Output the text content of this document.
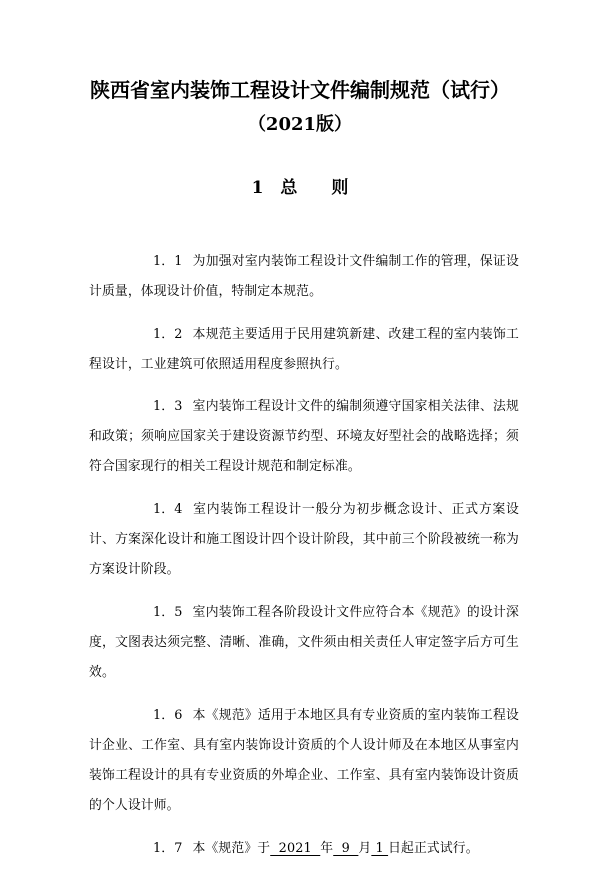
陕西省室内装饰工程设计文件编制规范（试行）
（2021版）
1　总　　则

1．1 为加强对室内装饰工程设计文件编制工作的管理，保证设计质量，体现设计价值，特制定本规范。

1．2 本规范主要适用于民用建筑新建、改建工程的室内装饰工程设计，工业建筑可依照适用程度参照执行。

1．3 室内装饰工程设计文件的编制须遵守国家相关法律、法规和政策；须响应国家关于建设资源节约型、环境友好型社会的战略选择；须符合国家现行的相关工程设计规范和制定标准。

1．4 室内装饰工程设计一般分为初步概念设计、正式方案设计、方案深化设计和施工图设计四个设计阶段，其中前三个阶段被统一称为方案设计阶段。

1．5 室内装饰工程各阶段设计文件应符合本《规范》的设计深度，文图表达须完整、清晰、准确，文件须由相关责任人审定签字后方可生效。

1．6 本《规范》适用于本地区具有专业资质的室内装饰工程设计企业、工作室、具有室内装饰设计资质的个人设计师及在本地区从事室内装饰工程设计的具有专业资质的外埠企业、工作室、具有室内装饰设计资质的个人设计师。

1．7 本《规范》于  2021  年  9  月 1 日起正式试行。
